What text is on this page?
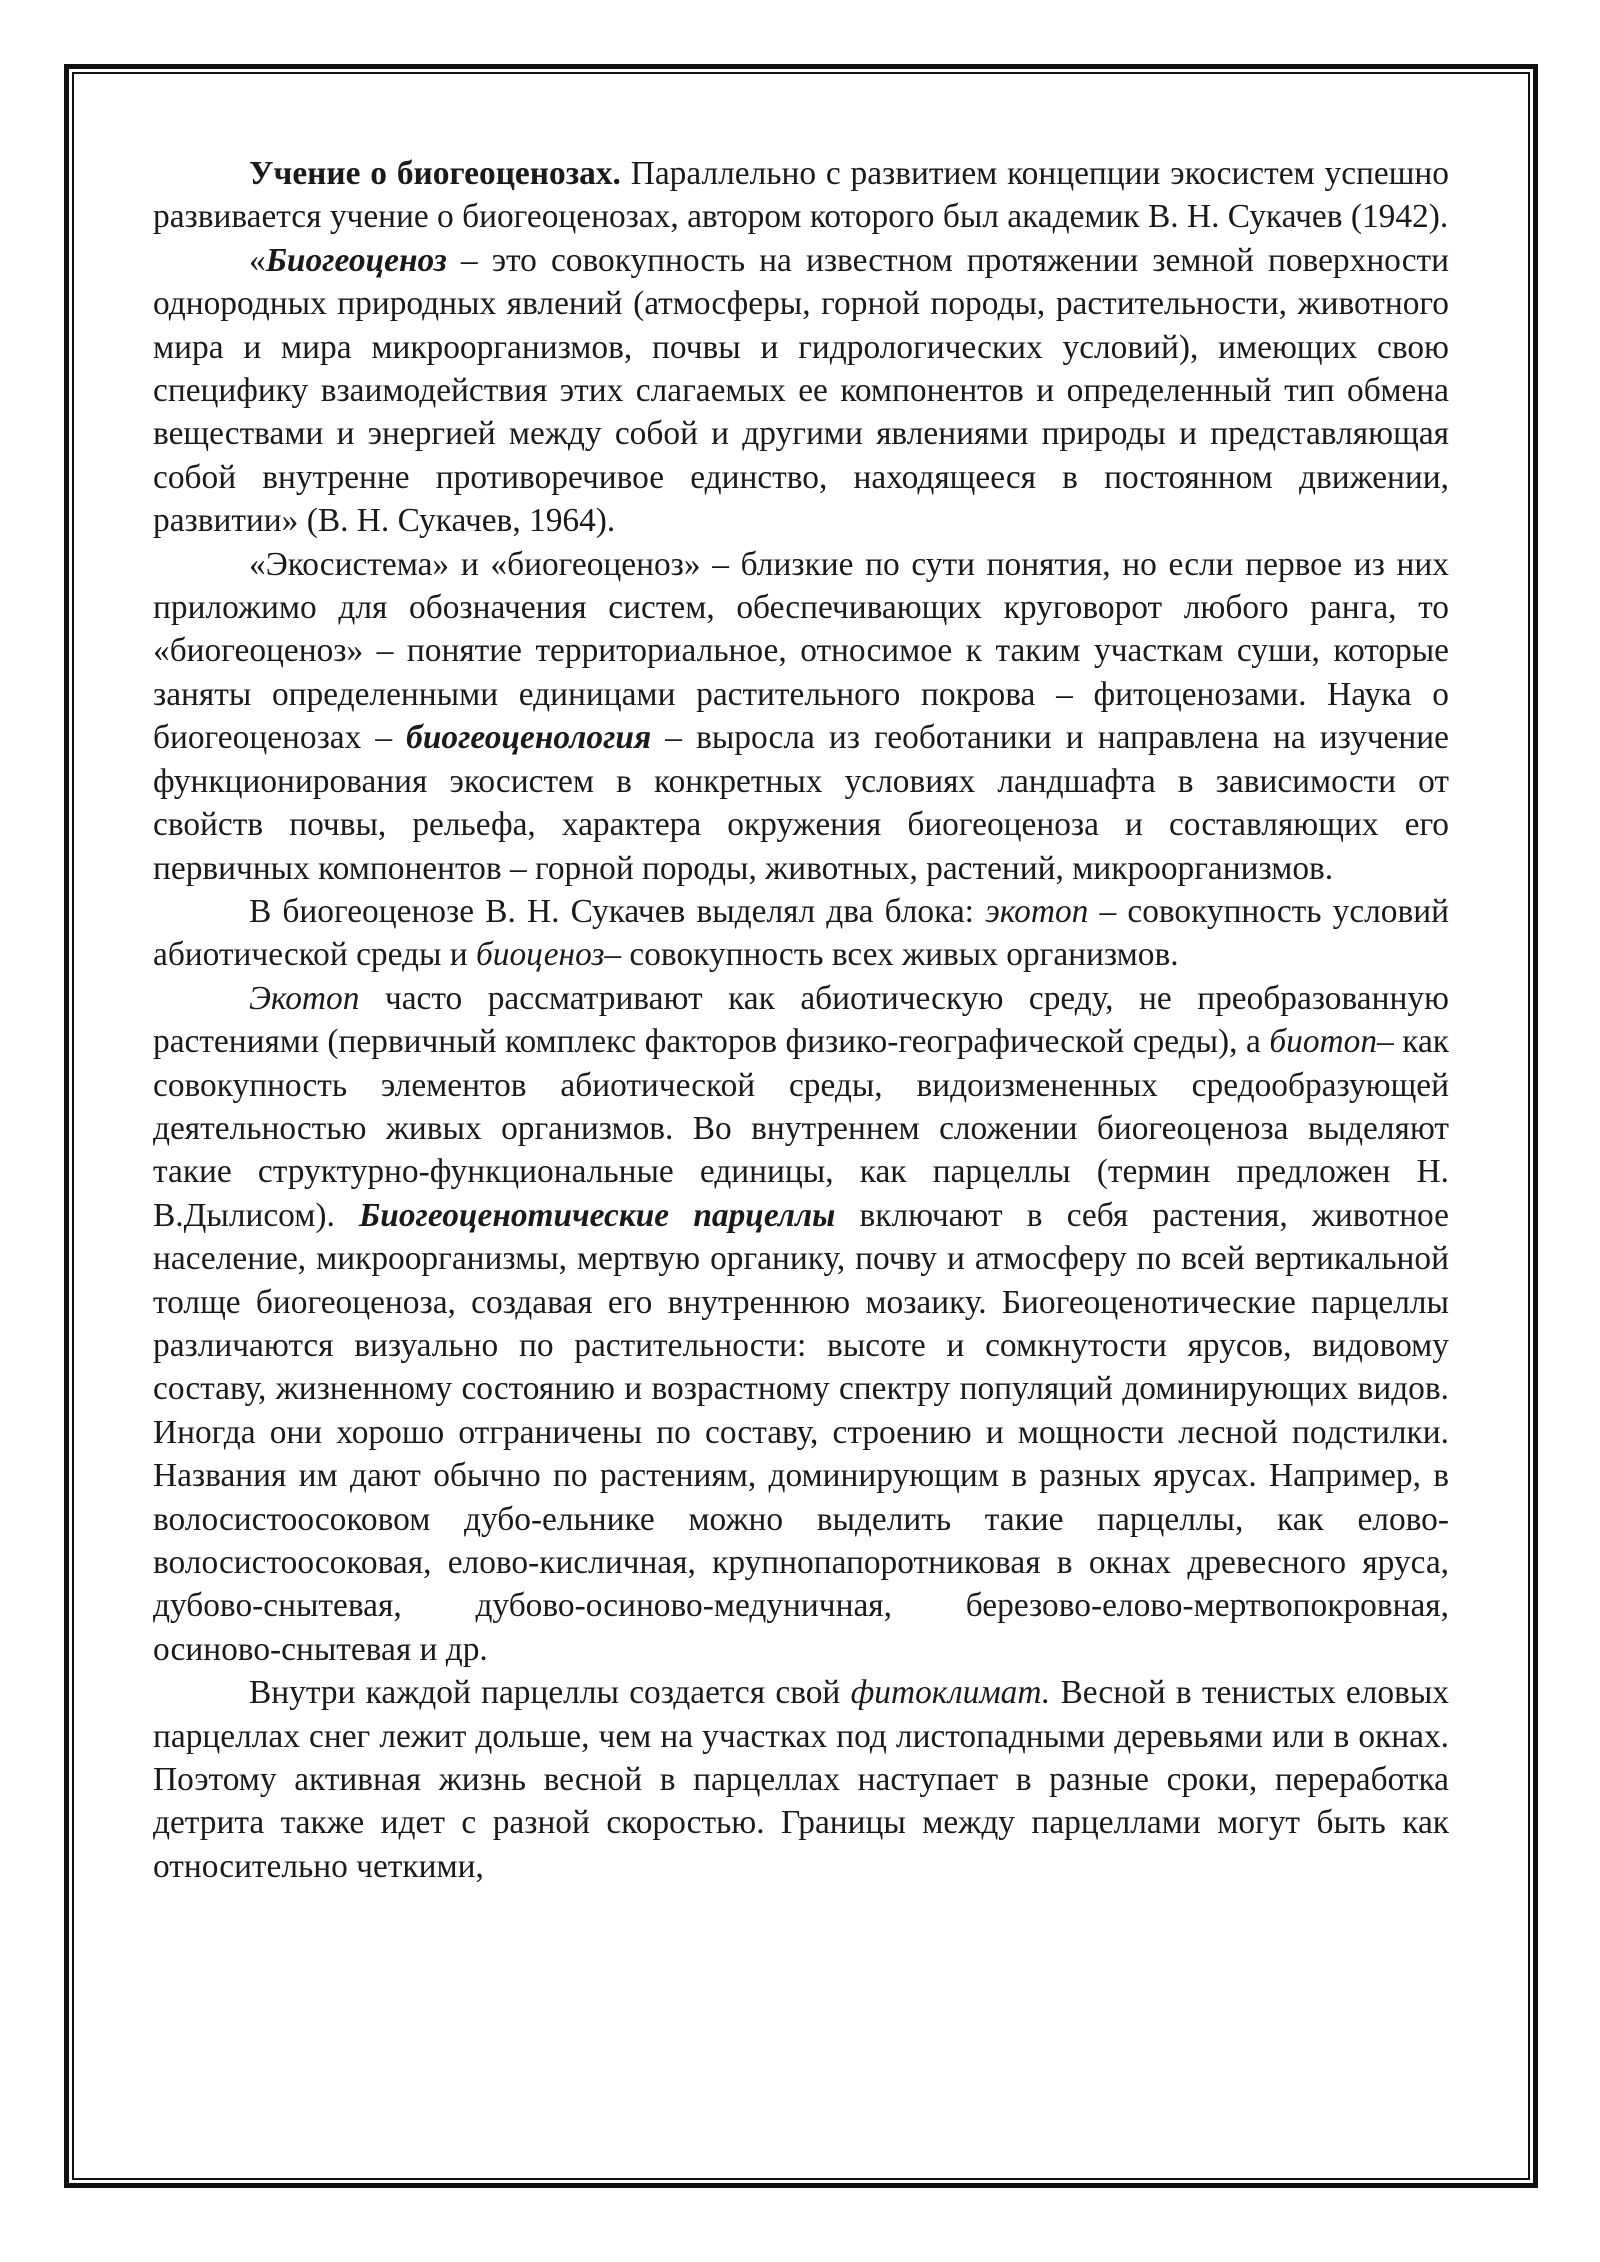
Учение о биогеоценозах. Параллельно с развитием концепции экосистем успешно развивается учение о биогеоценозах, автором которого был академик В. Н. Сукачев (1942).

«Биогеоценоз – это совокупность на известном протяжении земной поверхности однородных природных явлений (атмосферы, горной породы, растительности, животного мира и мира микроорганизмов, почвы и гидрологических условий), имеющих свою специфику взаимодействия этих слагаемых ее компонентов и определенный тип обмена веществами и энергией между собой и другими явлениями природы и представляющая собой внутренне противоречивое единство, находящееся в постоянном движении, развитии» (В. Н. Сукачев, 1964).

«Экосистема» и «биогеоценоз» – близкие по сути понятия, но если первое из них приложимо для обозначения систем, обеспечивающих круговорот любого ранга, то «биогеоценоз» – понятие территориальное, относимое к таким участкам суши, которые заняты определенными единицами растительного покрова – фитоценозами. Наука о биогеоценозах – биогеоценология – выросла из геоботаники и направлена на изучение функционирования экосистем в конкретных условиях ландшафта в зависимости от свойств почвы, рельефа, характера окружения биогеоценоза и составляющих его первичных компонентов – горной породы, животных, растений, микроорганизмов.

В биогеоценозе В. Н. Сукачев выделял два блока: экотоп – совокупность условий абиотической среды и биоценоз– совокупность всех живых организмов.

Экотоп часто рассматривают как абиотическую среду, не преобразованную растениями (первичный комплекс факторов физико-географической среды), а биотоп– как совокупность элементов абиотической среды, видоизмененных средообразующей деятельностью живых организмов. Во внутреннем сложении биогеоценоза выделяют такие структурно-функциональные единицы, как парцеллы (термин предложен Н. В.Дылисом). Биогеоценотические парцеллы включают в себя растения, животное население, микроорганизмы, мертвую органику, почву и атмосферу по всей вертикальной толще биогеоценоза, создавая его внутреннюю мозаику. Биогеоценотические парцеллы различаются визуально по растительности: высоте и сомкнутости ярусов, видовому составу, жизненному состоянию и возрастному спектру популяций доминирующих видов. Иногда они хорошо отграничены по составу, строению и мощности лесной подстилки. Названия им дают обычно по растениям, доминирующим в разных ярусах. Например, в волосистоосоковом дубо-ельнике можно выделить такие парцеллы, как елово-волосистоосоковая, елово-кисличная, крупнопапоротниковая в окнах древесного яруса, дубово-снытевая, дубово-осиново-медуничная, березово-елово-мертвопокровная, осиново-снытевая и др.

Внутри каждой парцеллы создается свой фитоклимат. Весной в тенистых еловых парцеллах снег лежит дольше, чем на участках под листопадными деревьями или в окнах. Поэтому активная жизнь весной в парцеллах наступает в разные сроки, переработка детрита также идет с разной скоростью. Границы между парцеллами могут быть как относительно четкими,
